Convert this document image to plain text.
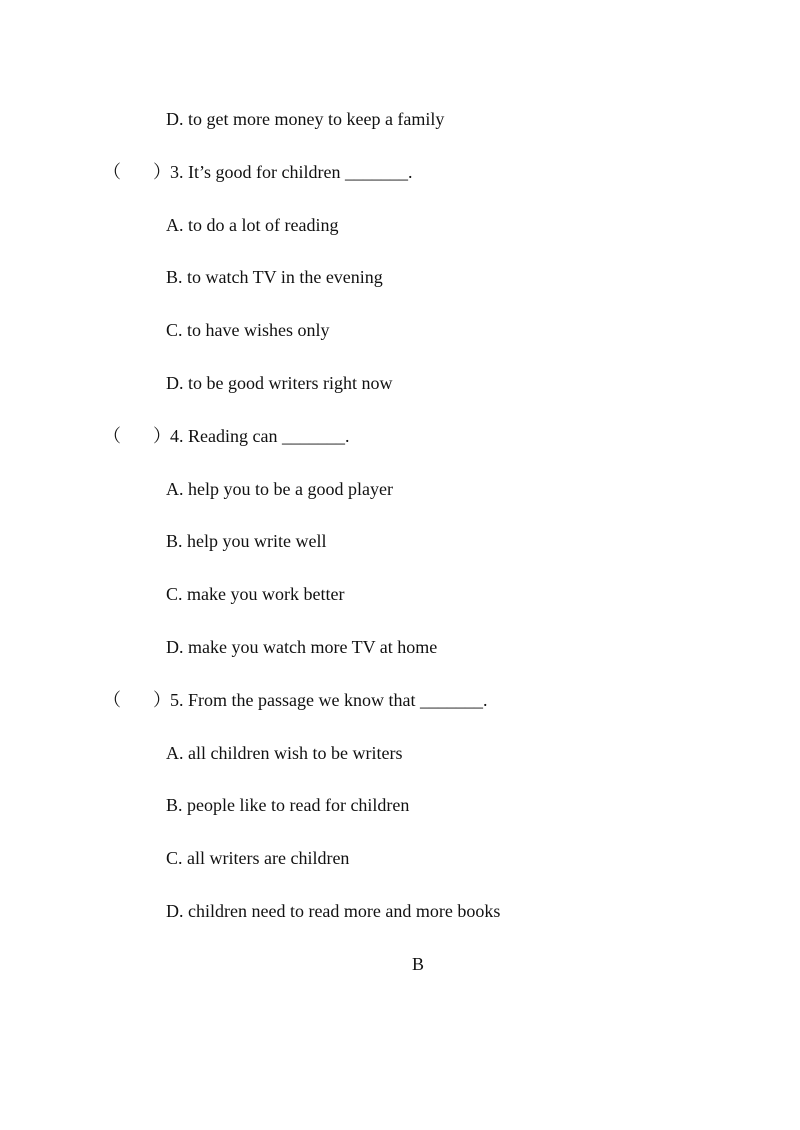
D. to get more money to keep a family
（ ） 3. It’s good for children _______.
A. to do a lot of reading
B. to watch TV in the evening
C. to have wishes only
D. to be good writers right now
（ ） 4. Reading can _______.
A. help you to be a good player
B. help you write well
C. make you work better
D. make you watch more TV at home
（ ） 5. From the passage we know that _______.
A. all children wish to be writers
B. people like to read for children
C. all writers are children
D. children need to read more and more books
B
